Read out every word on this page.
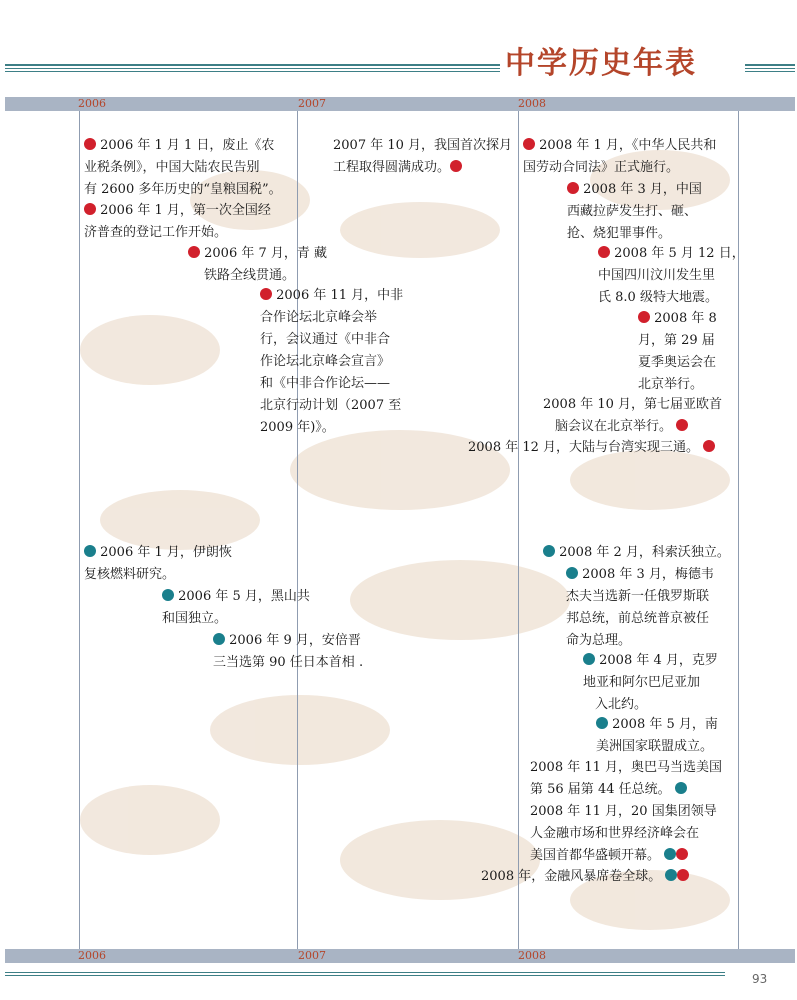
中学历史年表
2006	2007	2008
2006 年 1 月 1 日，废止《农
业税条例》，中国大陆农民告别
有 2600 多年历史的“皇粮国税”。
2006 年 1 月，第一次全国经
济普查的登记工作开始。
2006 年 7 月，青 藏
铁路全线贯通。
2006 年 11 月，中非
合作论坛北京峰会举
行，会议通过《中非合
作论坛北京峰会宣言》
和《中非合作论坛——
北京行动计划（2007 至
2009 年)》。
2007 年 10 月，我国首次探月
工程取得圆满成功。
2008 年 1 月，《中华人民共和
国劳动合同法》正式施行。
2008 年 3 月，中国
西藏拉萨发生打、砸、
抢、烧犯罪事件。
2008 年 5 月 12 日，
中国四川汶川发生里
氏 8.0 级特大地震。
2008 年 8
月，第 29 届
夏季奥运会在
北京举行。
2008 年 10 月，第七届亚欧首
脑会议在北京举行。
2008 年 12 月，大陆与台湾实现三通。
2006 年 1 月，伊朗恢
复核燃料研究。
2006 年 5 月，黑山共
和国独立。
2006 年 9 月，安倍晋
三当选第 90 任日本首相 .
2008 年 2 月，科索沃独立。
2008 年 3 月，梅德韦
杰夫当选新一任俄罗斯联
邦总统，前总统普京被任
命为总理。
2008 年 4 月，克罗
地亚和阿尔巴尼亚加
入北约。
2008 年 5 月，南
美洲国家联盟成立。
2008 年 11 月，奥巴马当选美国
第 56 届第 44 任总统。
2008 年 11 月，20 国集团领导
人金融市场和世界经济峰会在
美国首都华盛顿开幕。
2008 年，金融风暴席卷全球。
2006	2007	2008
93
